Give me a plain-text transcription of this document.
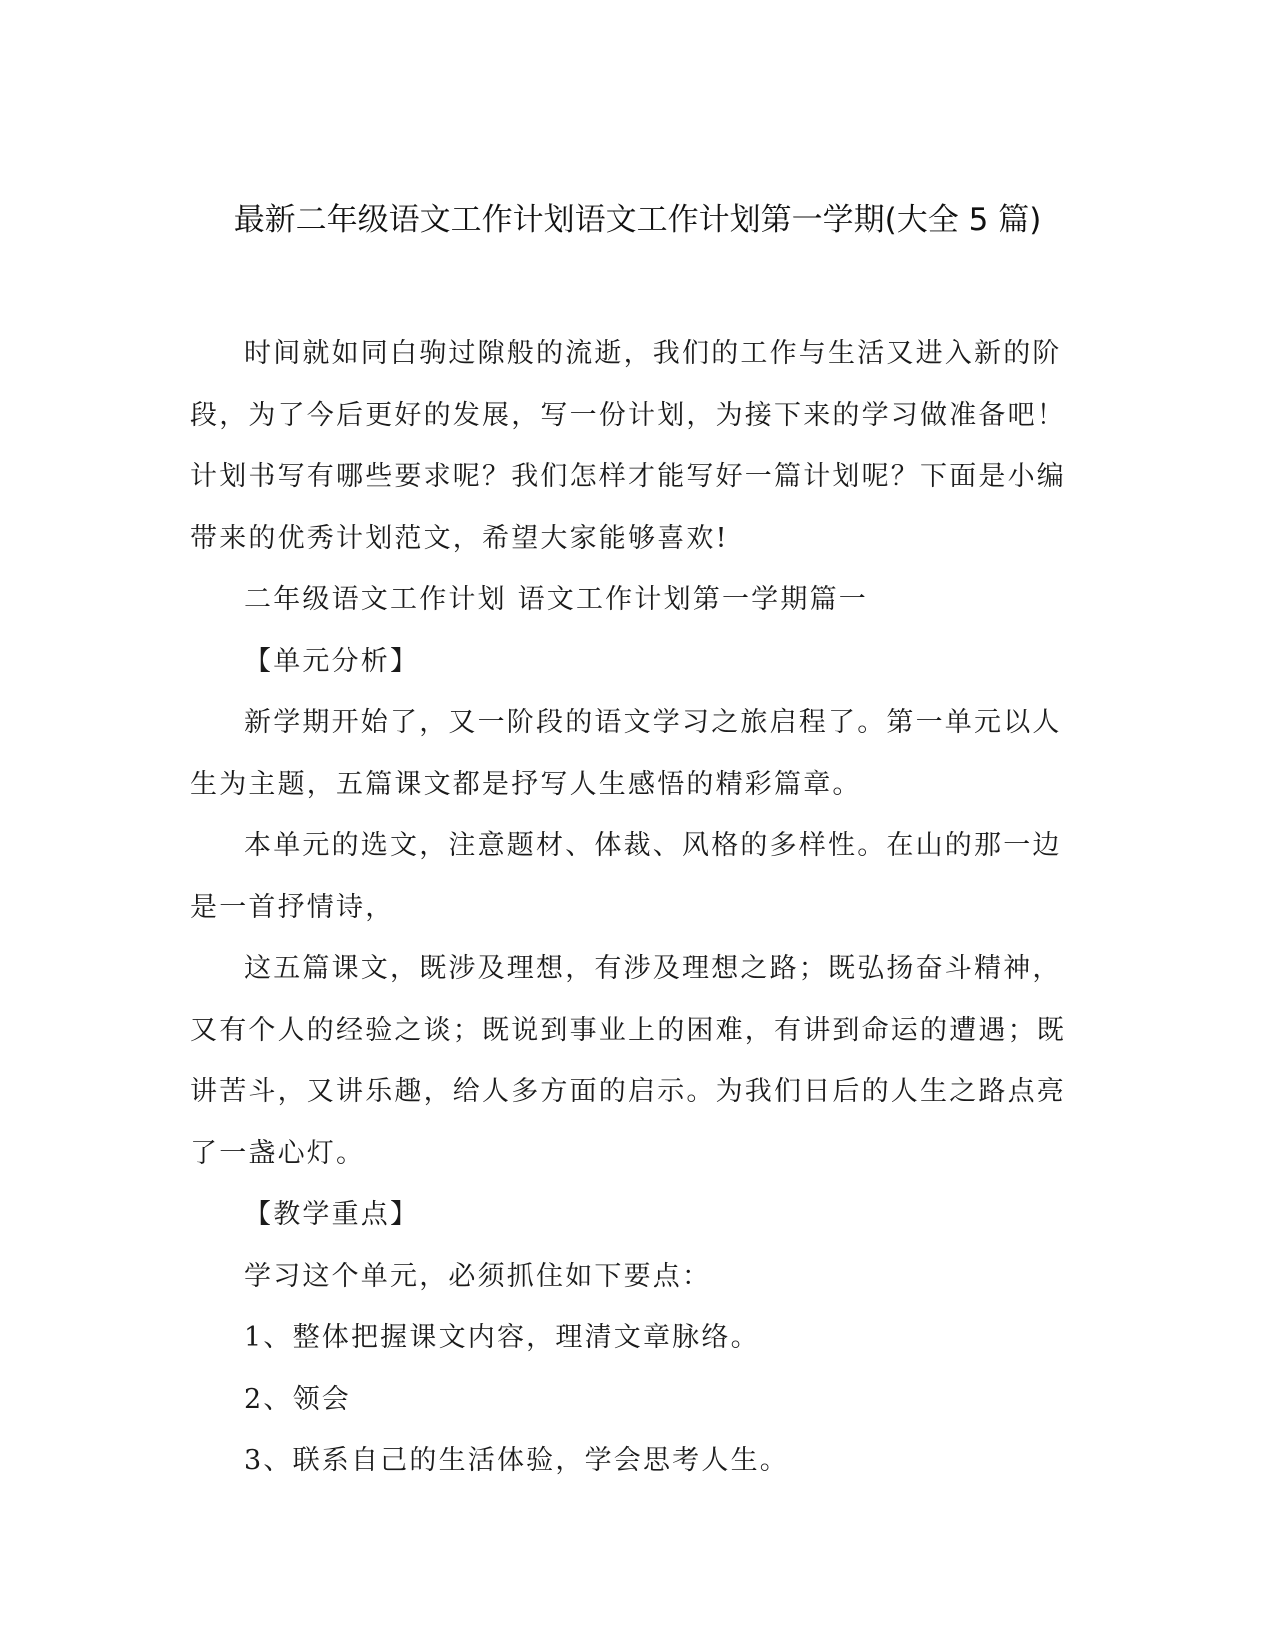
最新二年级语文工作计划语文工作计划第一学期(大全 5 篇)

时间就如同白驹过隙般的流逝，我们的工作与生活又进入新的阶段，为了今后更好的发展，写一份计划，为接下来的学习做准备吧！计划书写有哪些要求呢？我们怎样才能写好一篇计划呢？下面是小编带来的优秀计划范文，希望大家能够喜欢!

二年级语文工作计划 语文工作计划第一学期篇一

【单元分析】

新学期开始了，又一阶段的语文学习之旅启程了。第一单元以人生为主题，五篇课文都是抒写人生感悟的精彩篇章。

本单元的选文，注意题材、体裁、风格的多样性。在山的那一边是一首抒情诗，

这五篇课文，既涉及理想，有涉及理想之路；既弘扬奋斗精神，又有个人的经验之谈；既说到事业上的困难，有讲到命运的遭遇；既讲苦斗，又讲乐趣，给人多方面的启示。为我们日后的人生之路点亮了一盏心灯。

【教学重点】

学习这个单元，必须抓住如下要点：

1、整体把握课文内容，理清文章脉络。

2、领会

3、联系自己的生活体验，学会思考人生。
